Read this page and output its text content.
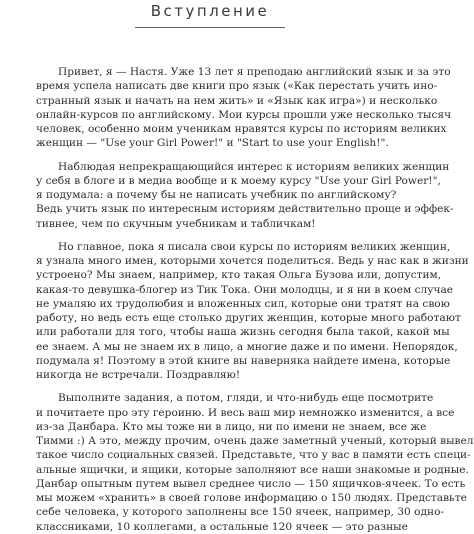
Вступление

Привет, я — Настя. Уже 13 лет я преподаю английский язык и за это
время успела написать две книги про язык («Как перестать учить ино-
странный язык и начать на нем жить» и «Язык как игра») и несколько
онлайн-курсов по английскому. Мои курсы прошли уже несколько тысяч
человек, особенно моим ученикам нравятся курсы по историям великих
женщин — "Use your Girl Power!" и "Start to use your English!".

Наблюдая непрекращающийся интерес к историям великих женщин
у себя в блоге и в медиа вообще и к моему курсу "Use your Girl Power!",
я подумала: а почему бы не написать учебник по английскому?
Ведь учить язык по интересным историям действительно проще и эффек-
тивнее, чем по скучным учебникам и табличкам!

Но главное, пока я писала свои курсы по историям великих женщин,
я узнала много имен, которыми хочется поделиться. Ведь у нас как в жизни
устроено? Мы знаем, например, кто такая Ольга Бузова или, допустим,
какая-то девушка-блогер из Тик Тока. Они молодцы, и я ни в коем случае
не умаляю их трудолюбия и вложенных сил, которые они тратят на свою
работу, но ведь есть еще столько других женщин, которые много работают
или работали для того, чтобы наша жизнь сегодня была такой, какой мы
ее знаем. А мы не знаем их в лицо, а многие даже и по имени. Непорядок,
подумала я! Поэтому в этой книге вы наверняка найдете имена, которые
никогда не встречали. Поздравляю!

Выполните задания, а потом, гляди, и что-нибудь еще посмотрите
и почитаете про эту героиню. И весь ваш мир немножко изменится, а все
из-за Данбара. Кто мы тоже ни в лицо, ни по имени не знаем, все же
Тимми :) А это, между прочим, очень даже заметный ученый, который вывел
такое число социальных связей. Представьте, что у вас в памяти есть специ-
альные ящички, и ящики, которые заполняют все наши знакомые и родные.
Данбар опытным путем вывел среднее число — 150 ящичков-ячеек. То есть
мы можем «хранить» в своей голове информацию о 150 людях. Представьте
себе человека, у которого заполнены все 150 ячеек, например, 30 одно-
классниками, 10 коллегами, а остальные 120 ячеек — это разные
